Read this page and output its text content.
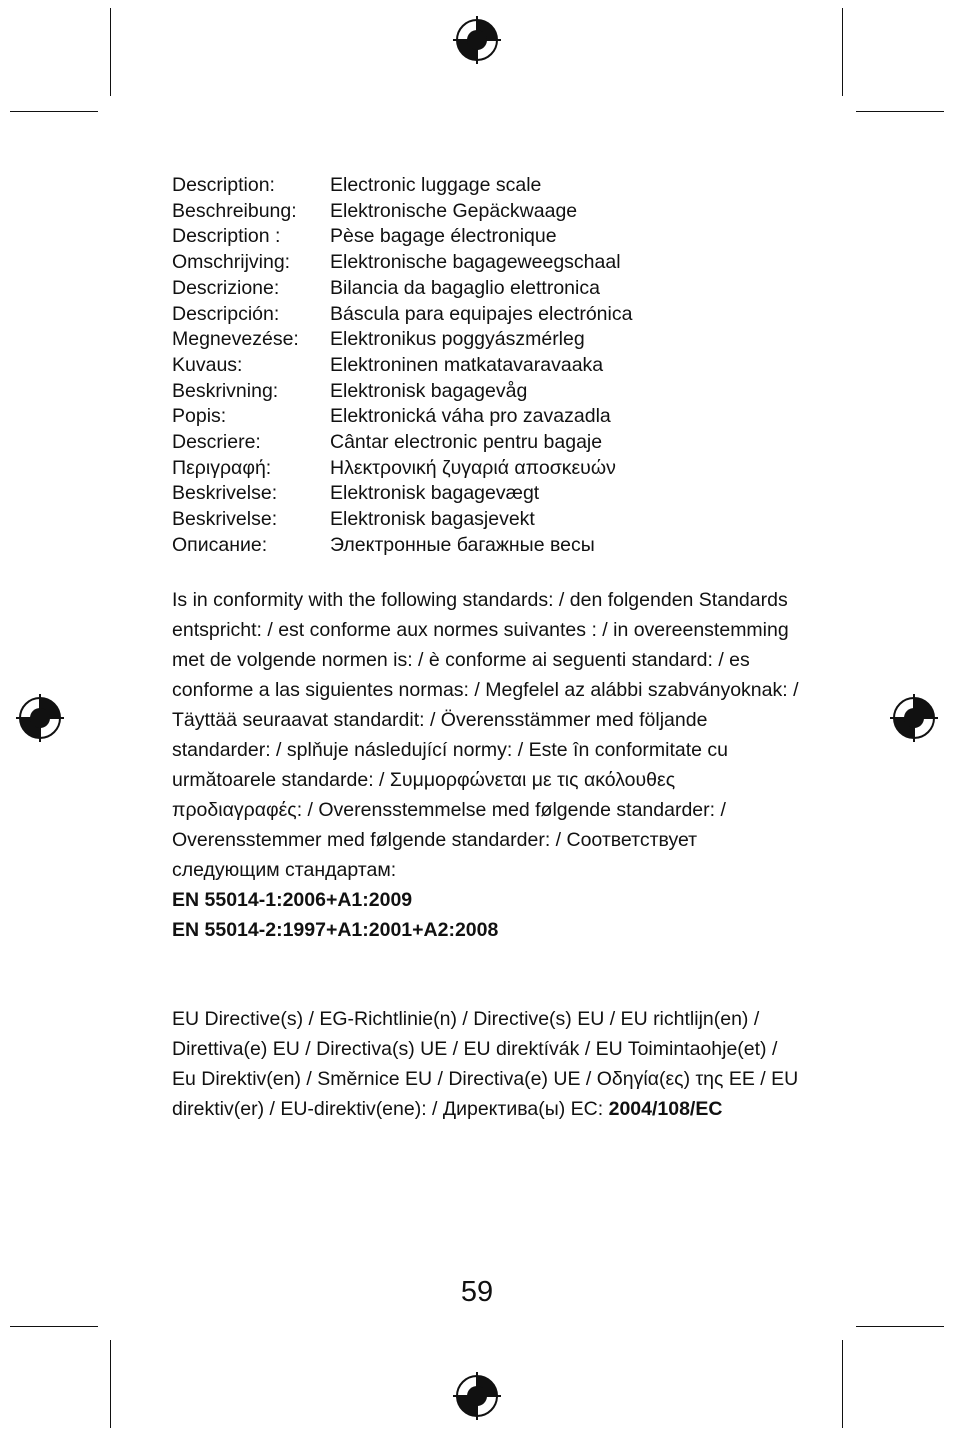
Description:	Electronic luggage scale
Beschreibung:	Elektronische Gepäckwaage
Description :	Pèse bagage électronique
Omschrijving:	Elektronische bagageweegschaal
Descrizione:	Bilancia da bagaglio elettronica
Descripción:	Báscula para equipajes electrónica
Megnevezése:	Elektronikus poggyászmérleg
Kuvaus:	Elektroninen matkatavaravaaka
Beskrivning:	Elektronisk bagagevåg
Popis:	Elektronická váha pro zavazadla
Descriere:	Cântar electronic pentru bagaje
Περιγραφή:	Ηλεκτρονική ζυγαριά αποσκευών
Beskrivelse:	Elektronisk bagagevægt
Beskrivelse:	Elektronisk bagasjevekt
Описание:	Электронные багажные весы

Is in conformity with the following standards: / den folgenden Standards entspricht: / est conforme aux normes suivantes : / in overeenstemming met de volgende normen is: / è conforme ai seguenti standard: / es conforme a las siguientes normas: / Megfelel az alábbi szabványoknak: / Täyttää seuraavat standardit: / Överensstämmer med följande standarder: / splňuje následující normy: / Este în conformitate cu următoarele standarde: / Συμμορφώνεται με τις ακόλουθες προδιαγραφές: / Overensstemmelse med følgende standarder: / Overensstemmer med følgende standarder: / Соответствует следующим стандартам:
EN 55014-1:2006+A1:2009
EN 55014-2:1997+A1:2001+A2:2008

EU Directive(s) / EG-Richtlinie(n) / Directive(s) EU / EU richtlijn(en) / Direttiva(e) EU / Directiva(s) UE / EU direktívák / EU Toimintaohje(et) / Eu Direktiv(en) / Směrnice EU / Directiva(e) UE / Οδηγία(ες) της ΕΕ / EU direktiv(er) / EU-direktiv(ene): / Директива(ы) ЕС: 2004/108/EC

59
